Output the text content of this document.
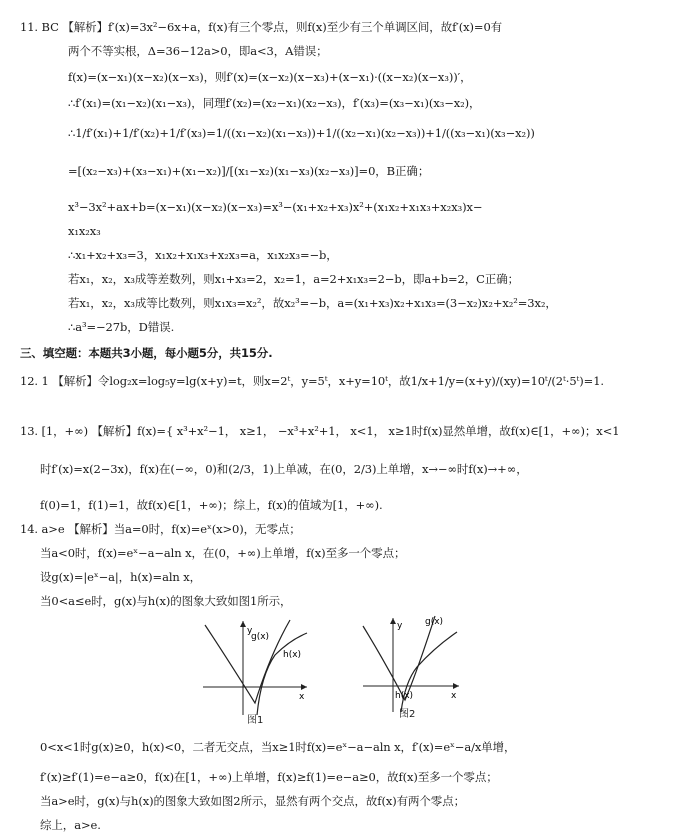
11. BC 【解析】f′(x)=3x²−6x+a，f(x)有三个零点，则f(x)至少有三个单调区间，故f′(x)=0有
两个不等实根，Δ=36−12a>0，即a<3，A错误；
f(x)=(x−x₁)(x−x₂)(x−x₃)，则f′(x)=(x−x₂)(x−x₃)+(x−x₁)·((x−x₂)(x−x₃))′，
∴f′(x₁)=(x₁−x₂)(x₁−x₃)，同理f′(x₂)=(x₂−x₁)(x₂−x₃)，f′(x₃)=(x₃−x₁)(x₃−x₂)，
∴1/f′(x₁)+1/f′(x₂)+1/f′(x₃)=1/((x₁−x₂)(x₁−x₃))+1/((x₂−x₁)(x₂−x₃))+1/((x₃−x₁)(x₃−x₂))
=[(x₂−x₃)+(x₃−x₁)+(x₁−x₂)]/[(x₁−x₂)(x₁−x₃)(x₂−x₃)]=0，B正确；
x³−3x²+ax+b=(x−x₁)(x−x₂)(x−x₃)=x³−(x₁+x₂+x₃)x²+(x₁x₂+x₁x₃+x₂x₃)x−
x₁x₂x₃
∴x₁+x₂+x₃=3，x₁x₂+x₁x₃+x₂x₃=a，x₁x₂x₃=−b，
若x₁，x₂，x₃成等差数列，则x₁+x₃=2，x₂=1，a=2+x₁x₃=2−b，即a+b=2，C正确；
若x₁，x₂，x₃成等比数列，则x₁x₃=x₂²，故x₂³=−b，a=(x₁+x₃)x₂+x₁x₃=(3−x₂)x₂+x₂²=3x₂，
∴a³=−27b，D错误.
三、填空题：本题共3小题，每小题5分，共15分.
12. 1 【解析】令log₂x=log₅y=lg(x+y)=t，则x=2ᵗ，y=5ᵗ，x+y=10ᵗ，故1/x+1/y=(x+y)/(xy)=10ᵗ/(2ᵗ·5ᵗ)=1.
13. [1，+∞) 【解析】f(x)={ x³+x²−1， x≥1， −x³+x²+1， x<1， x≥1时f(x)显然单增，故f(x)∈[1，+∞)；x<1
时f′(x)=x(2−3x)，f(x)在(−∞，0)和(2/3，1)上单减，在(0，2/3)上单增，x→−∞时f(x)→+∞，
f(0)=1，f(1)=1，故f(x)∈[1，+∞)；综上，f(x)的值域为[1，+∞).
14. a>e 【解析】当a=0时，f(x)=eˣ(x>0)，无零点；
当a<0时，f(x)=eˣ−a−aln x，在(0，+∞)上单增，f(x)至多一个零点；
设g(x)=|eˣ−a|，h(x)=aln x，
当0<a≤e时，g(x)与h(x)的图象大致如图1所示，
y
g(x)
h(x)
x
图1
y	g(x)
h(x)	x
图2
0<x<1时g(x)≥0，h(x)<0，二者无交点，当x≥1时f(x)=eˣ−a−aln x，f′(x)=eˣ−a/x单增，
f′(x)≥f′(1)=e−a≥0，f(x)在[1，+∞)上单增，f(x)≥f(1)=e−a≥0，故f(x)至多一个零点；
当a>e时，g(x)与h(x)的图象大致如图2所示，显然有两个交点，故f(x)有两个零点；
综上，a>e.
